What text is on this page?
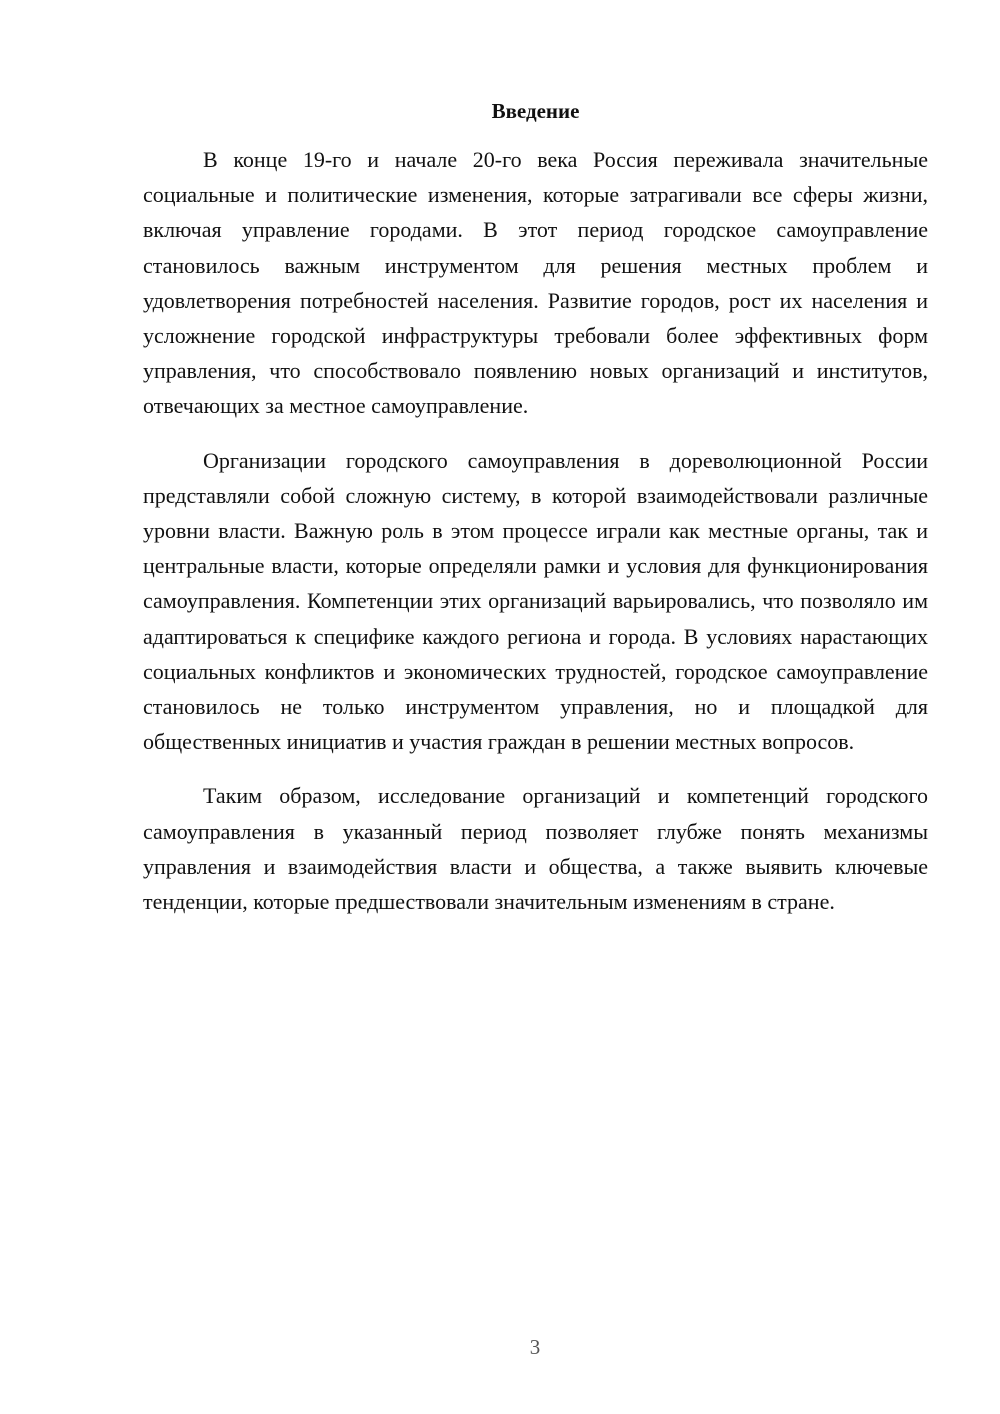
Введение

В конце 19-го и начале 20-го века Россия переживала значительные социальные и политические изменения, которые затрагивали все сферы жизни, включая управление городами. В этот период городское самоуправление становилось важным инструментом для решения местных проблем и удовлетворения потребностей населения. Развитие городов, рост их населения и усложнение городской инфраструктуры требовали более эффективных форм управления, что способствовало появлению новых организаций и институтов, отвечающих за местное самоуправление.

Организации городского самоуправления в дореволюционной России представляли собой сложную систему, в которой взаимодействовали различные уровни власти. Важную роль в этом процессе играли как местные органы, так и центральные власти, которые определяли рамки и условия для функционирования самоуправления. Компетенции этих организаций варьировались, что позволяло им адаптироваться к специфике каждого региона и города. В условиях нарастающих социальных конфликтов и экономических трудностей, городское самоуправление становилось не только инструментом управления, но и площадкой для общественных инициатив и участия граждан в решении местных вопросов.

Таким образом, исследование организаций и компетенций городского самоуправления в указанный период позволяет глубже понять механизмы управления и взаимодействия власти и общества, а также выявить ключевые тенденции, которые предшествовали значительным изменениям в стране.

3
